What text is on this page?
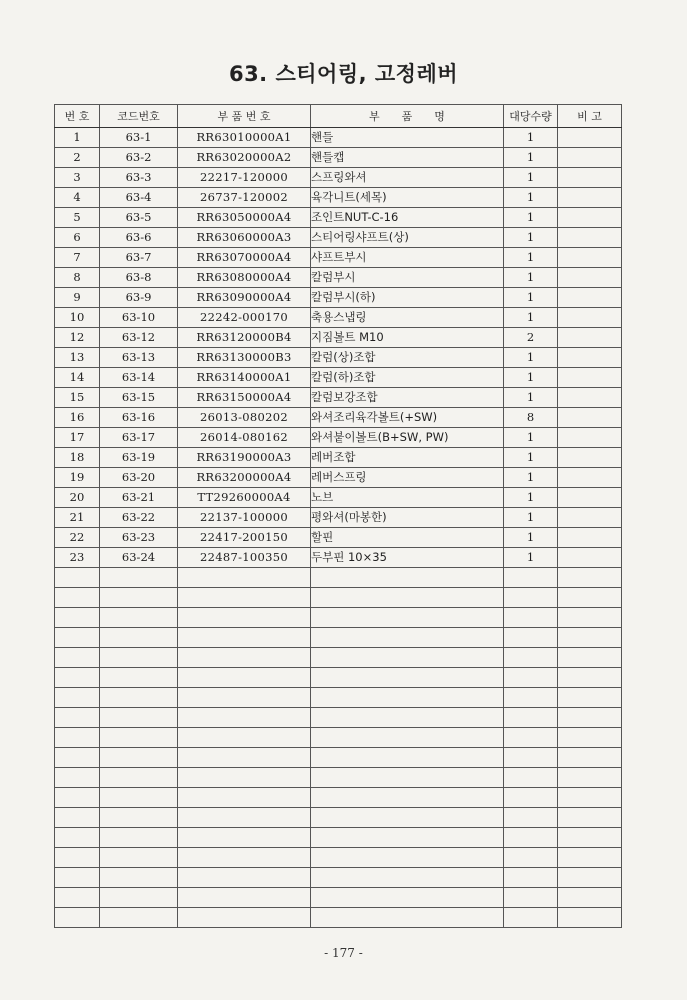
63. 스티어링, 고정레버
번 호	코드번호	부 품 번 호	부　　품　　명	대당수량	비 고
1	63-1	RR63010000A1	핸들	1	
2	63-2	RR63020000A2	핸들캡	1	
3	63-3	22217-120000	스프링와셔	1	
4	63-4	26737-120002	육각니트(세목)	1	
5	63-5	RR63050000A4	조인트NUT-C-16	1	
6	63-6	RR63060000A3	스티어링샤프트(상)	1	
7	63-7	RR63070000A4	샤프트부시	1	
8	63-8	RR63080000A4	칼럼부시	1	
9	63-9	RR63090000A4	칼럼부시(하)	1	
10	63-10	22242-000170	축용스냅링	1	
12	63-12	RR63120000B4	지짐볼트 M10	2	
13	63-13	RR63130000B3	칼럼(상)조합	1	
14	63-14	RR63140000A1	칼럼(하)조합	1	
15	63-15	RR63150000A4	칼럼보강조합	1	
16	63-16	26013-080202	와셔조리육각볼트(+SW)	8	
17	63-17	26014-080162	와셔붙이볼트(B+SW, PW)	1	
18	63-19	RR63190000A3	레버조합	1	
19	63-20	RR63200000A4	레버스프링	1	
20	63-21	TT29260000A4	노브	1	
21	63-22	22137-100000	평와셔(마봉한)	1	
22	63-23	22417-200150	할핀	1	
23	63-24	22487-100350	두부핀 10×35	1	

- 177 -
